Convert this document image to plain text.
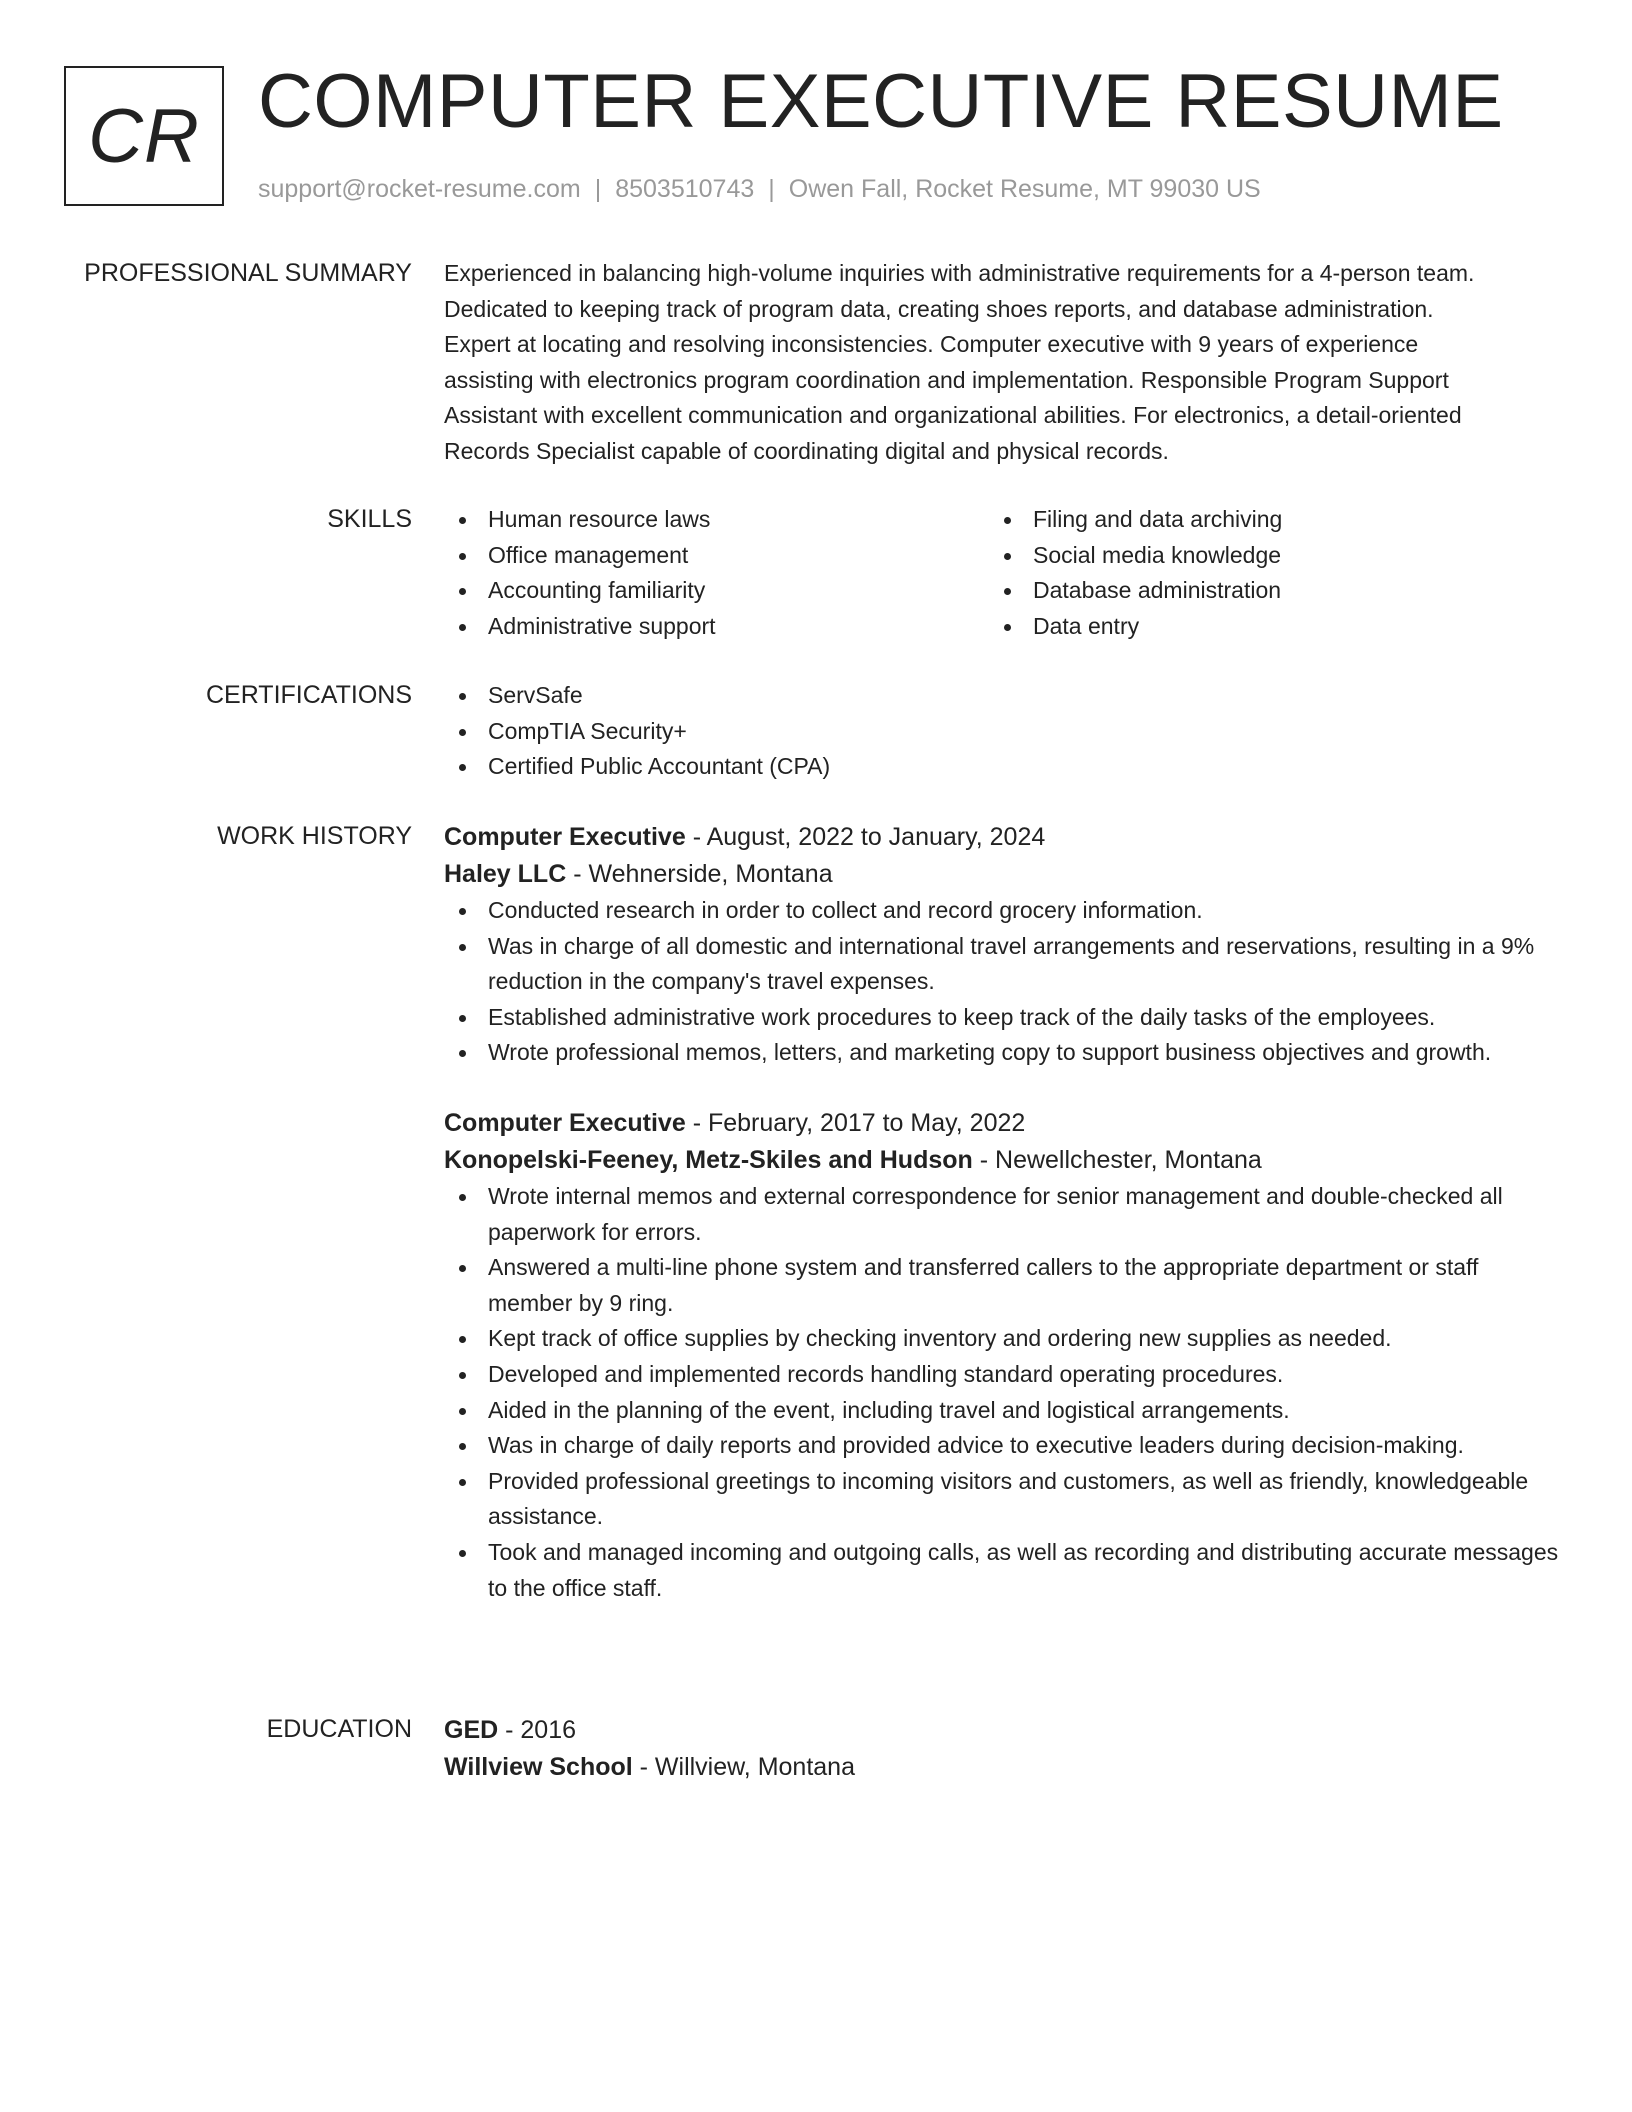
CR COMPUTER EXECUTIVE RESUME
support@rocket-resume.com | 8503510743 | Owen Fall, Rocket Resume, MT 99030 US
PROFESSIONAL SUMMARY Experienced in balancing high-volume inquiries with administrative requirements for a 4-person team.
Dedicated to keeping track of program data, creating shoes reports, and database administration.
Expert at locating and resolving inconsistencies. Computer executive with 9 years of experience
assisting with electronics program coordination and implementation. Responsible Program Support
Assistant with excellent communication and organizational abilities. For electronics, a detail-oriented
Records Specialist capable of coordinating digital and physical records.
SKILLS	Human resource laws
Office management
Accounting familiarity
Administrative support
Filing and data archiving
Social media knowledge
Database administration
Data entry
CERTIFICATIONS	ServSafe
CompTIA Security+
Certified Public Accountant (CPA)
WORK HISTORY Computer Executive - August, 2022 to January, 2024
Haley LLC - Wehnerside, Montana
Conducted research in order to collect and record grocery information.
Was in charge of all domestic and international travel arrangements and reservations, resulting in a 9% reduction in the company's travel expenses.
Established administrative work procedures to keep track of the daily tasks of the employees.
Wrote professional memos, letters, and marketing copy to support business objectives and growth.
Computer Executive - February, 2017 to May, 2022
Konopelski-Feeney, Metz-Skiles and Hudson - Newellchester, Montana
Wrote internal memos and external correspondence for senior management and double-checked all paperwork for errors.
Answered a multi-line phone system and transferred callers to the appropriate department or staff member by 9 ring.
Kept track of office supplies by checking inventory and ordering new supplies as needed.
Developed and implemented records handling standard operating procedures.
Aided in the planning of the event, including travel and logistical arrangements.
Was in charge of daily reports and provided advice to executive leaders during decision-making.
Provided professional greetings to incoming visitors and customers, as well as friendly, knowledgeable assistance.
Took and managed incoming and outgoing calls, as well as recording and distributing accurate messages to the office staff.
EDUCATION GED - 2016
Willview School - Willview, Montana
